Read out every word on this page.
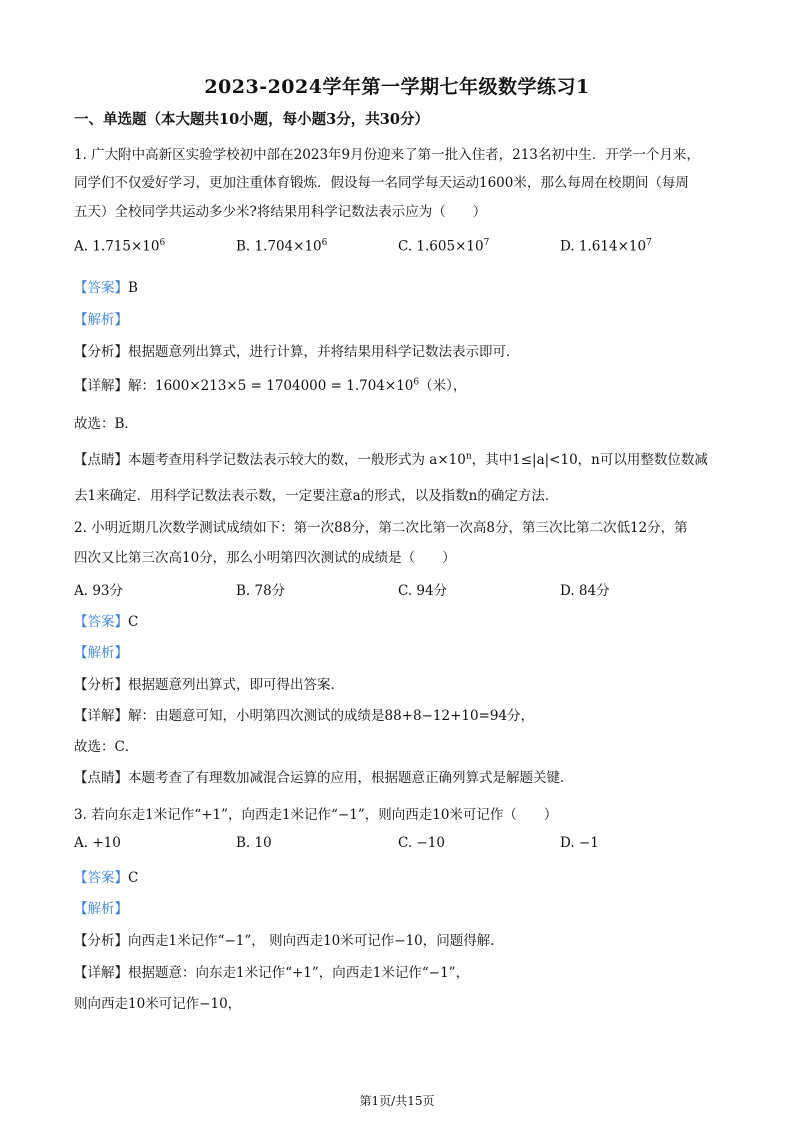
2023-2024学年第一学期七年级数学练习1
一、单选题（本大题共10小题，每小题3分，共30分）
1. 广大附中高新区实验学校初中部在2023年9月份迎来了第一批入住者，213名初中生．开学一个月来，
同学们不仅爱好学习，更加注重体育锻炼．假设每一名同学每天运动1600米，那么每周在校期间（每周
五天）全校同学共运动多少米?将结果用科学记数法表示应为（　　）
A. $1.715\times 10^6$	B. $1.704\times 10^6$	C. $1.605\times 10^7$	D. $1.614\times 10^7$
【答案】B
【解析】
【分析】根据题意列出算式，进行计算，并将结果用科学记数法表示即可．
【详解】解：$1600\times 213\times 5 = 1704000 = 1.704\times 10^6$（米），
故选：B．
【点睛】本题考查用科学记数法表示较大的数，一般形式为 $a\times 10^n$，其中1≤|a|<10，n可以用整数位数减
去1来确定．用科学记数法表示数，一定要注意a的形式，以及指数n的确定方法．
2. 小明近期几次数学测试成绩如下：第一次88分，第二次比第一次高8分，第三次比第二次低12分，第
四次又比第三次高10分，那么小明第四次测试的成绩是（　　）
A. 93分	B. 78分	C. 94分	D. 84分
【答案】C
【解析】
【分析】根据题意列出算式，即可得出答案．
【详解】解：由题意可知，小明第四次测试的成绩是88+8−12+10=94分，
故选：C．
【点睛】本题考查了有理数加减混合运算的应用，根据题意正确列算式是解题关键．
3. 若向东走1米记作“+1”，向西走1米记作“−1”，则向西走10米可记作（　　）
A. +10	B. 10	C. −10	D. −1
【答案】C
【解析】
【分析】向西走1米记作“−1”， 则向西走10米可记作−10，问题得解．
【详解】根据题意：向东走1米记作“+1”，向西走1米记作“−1”，
则向西走10米可记作−10，
第1页/共15页
